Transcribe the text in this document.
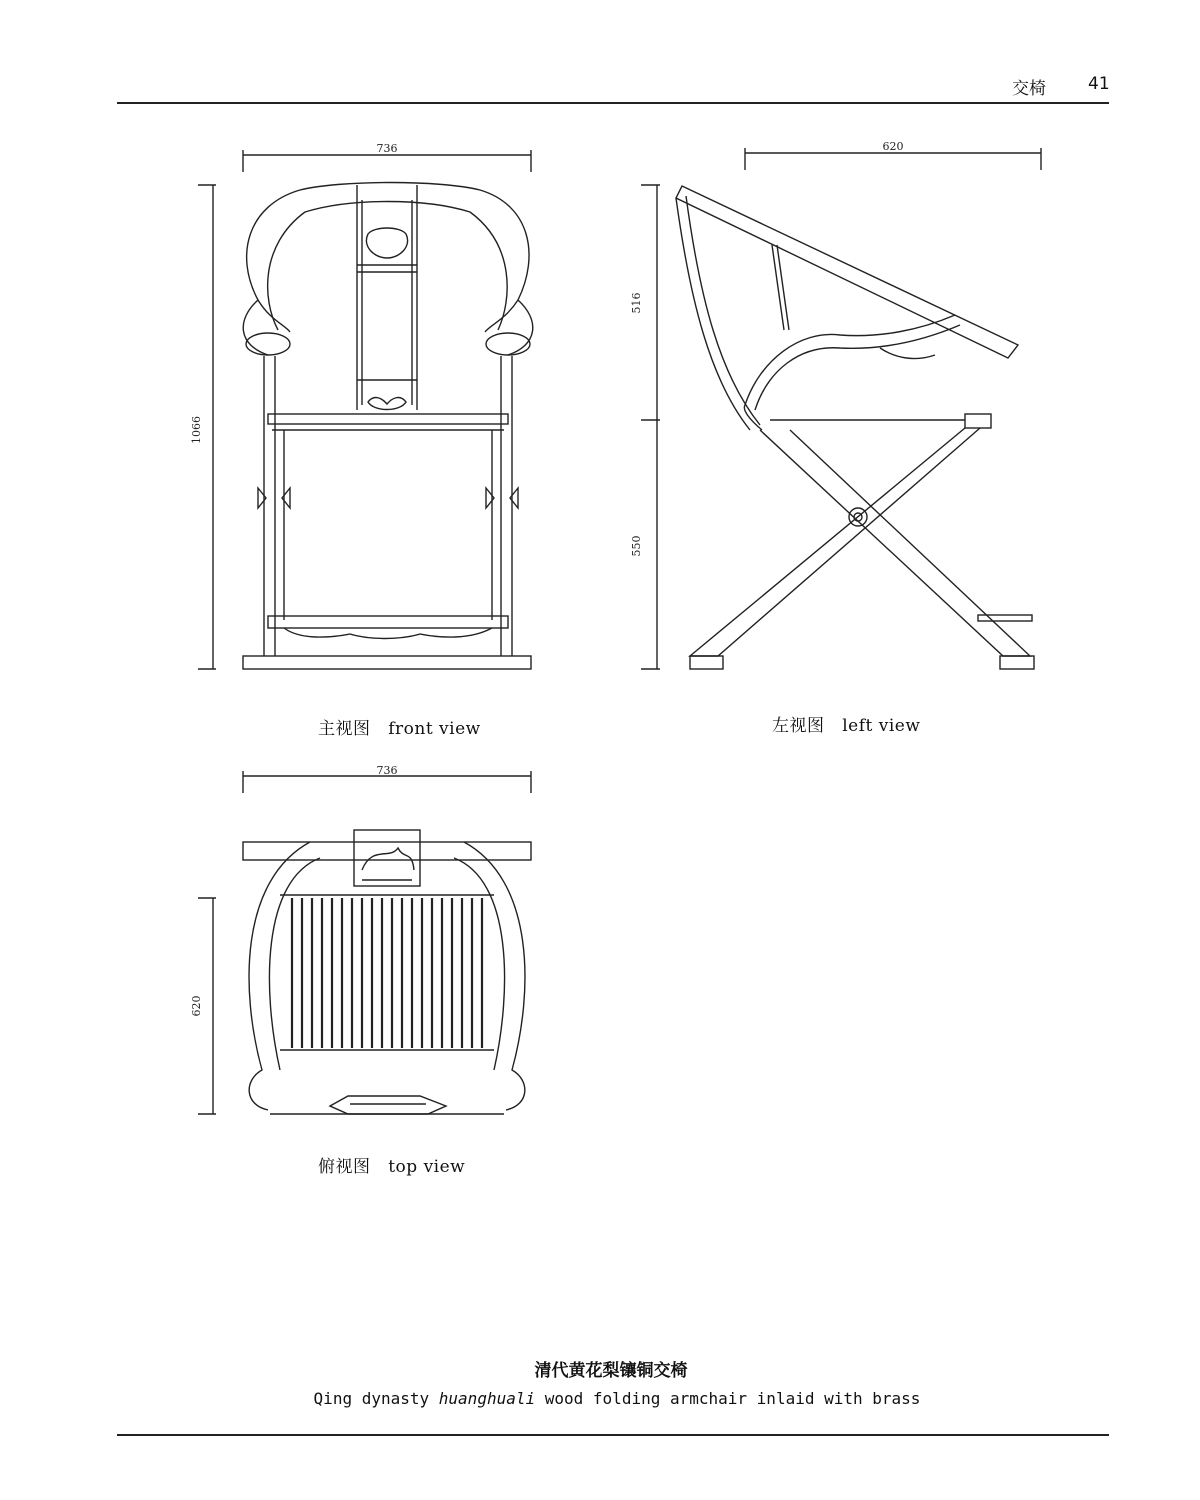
交椅 41
736
1066
620
516
550
736
620
主视图   front view	左视图   left view
俯视图   top view
清代黄花梨镶铜交椅
Qing dynasty huanghuali wood folding armchair inlaid with brass
